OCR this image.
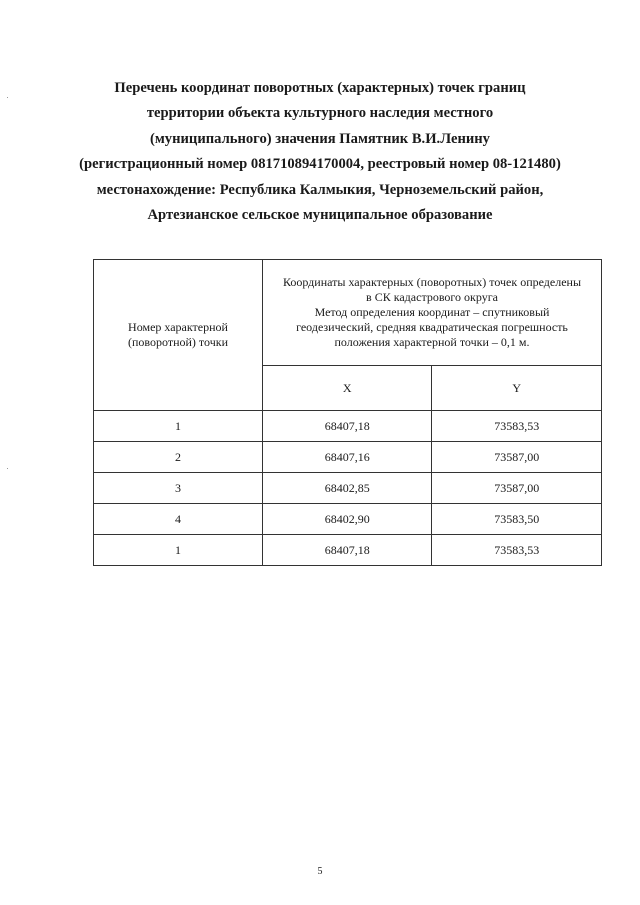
Перечень координат поворотных (характерных) точек границ
территории объекта культурного наследия местного
(муниципального) значения Памятник В.И.Ленину
(регистрационный номер 081710894170004, реестровый номер 08-121480)
местонахождение: Республика Калмыкия, Черноземельский район,
Артезианское сельское муниципальное образование
Номер характерной (поворотной) точки	Координаты характерных (поворотных) точек определены
в СК кадастрового округа
Метод определения координат – спутниковый
геодезический, средняя квадратическая погрешность
положения характерной точки – 0,1 м.	

	X	Y
1	68407,18	73583,53
2	68407,16	73587,00
3	68402,85	73587,00
4	68402,90	73583,50
1	68407,18	73583,53
5
